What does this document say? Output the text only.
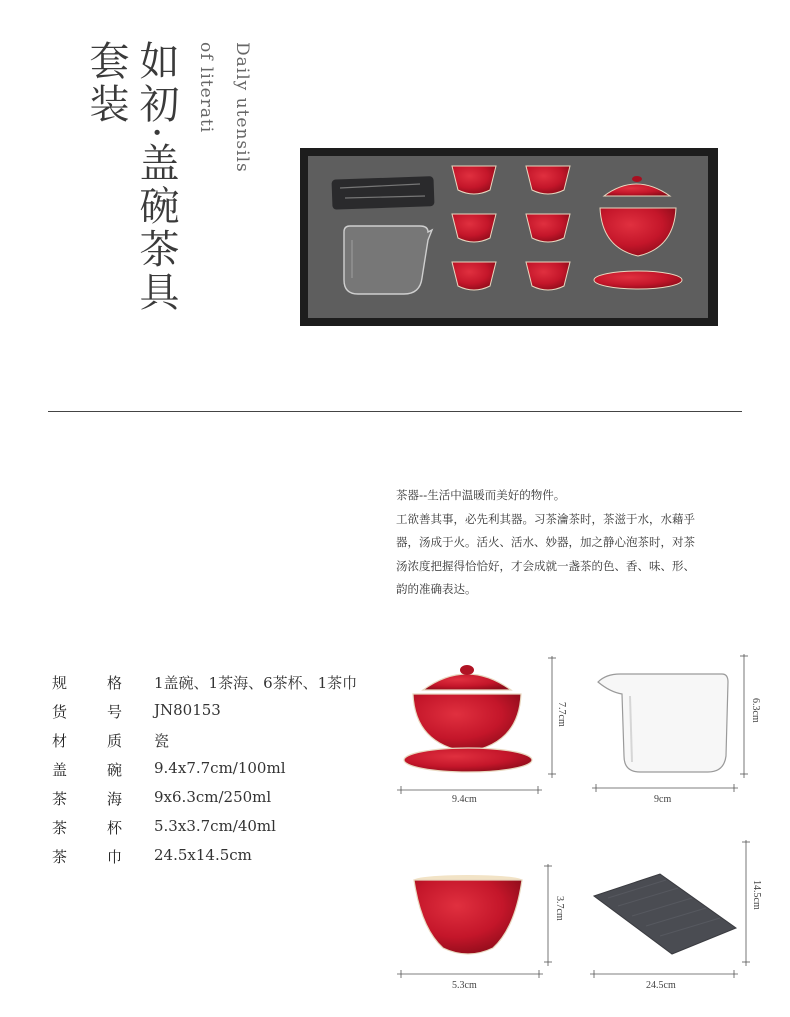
套装 如初·盖碗茶具 of literati Daily utensils

茶器--生活中温暖而美好的物件。

工欲善其事，必先利其器。习茶瀹茶时，茶滋于水，水藉乎

器，汤成于火。活火、活水、妙器，加之静心泡茶时，对茶

汤浓度把握得恰恰好，才会成就一盏茶的色、香、味、形、

韵的准确表达。

规	格 1盖碗、1茶海、6茶杯、1茶巾
货	号 JN80153
材	质 瓷
盖	碗 9.4x7.7cm/100ml
茶	海 9x6.3cm/250ml
茶	杯 5.3x3.7cm/40ml
茶	巾 24.5x14.5cm
9.4cm
7.7cm
9cm
6.3cm
5.3cm
3.7cm
24.5cm
14.5cm
